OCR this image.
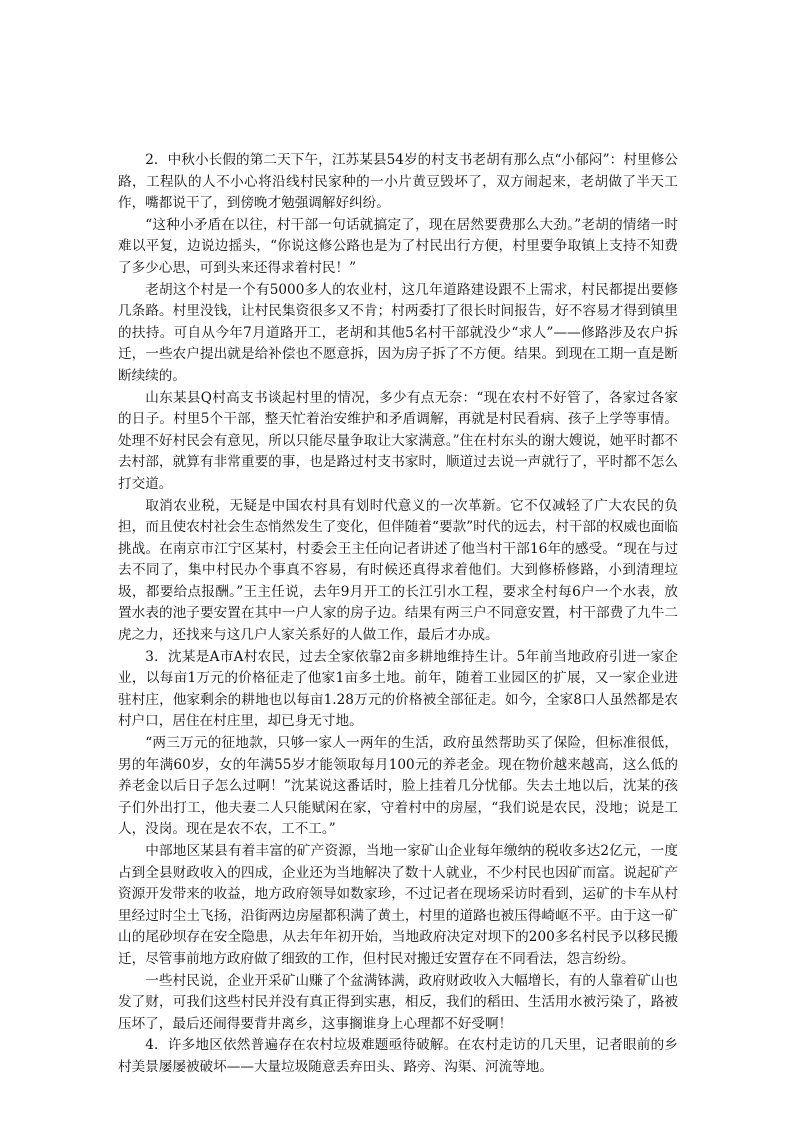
2．中秋小长假的第二天下午，江苏某县54岁的村支书老胡有那么点“小郁闷”：村里修公路，工程队的人不小心将沿线村民家种的一小片黄豆毁坏了，双方闹起来，老胡做了半天工作，嘴都说干了，到傍晚才勉强调解好纠纷。

“这种小矛盾在以往，村干部一句话就搞定了，现在居然要费那么大劲。”老胡的情绪一时难以平复，边说边摇头，“你说这修公路也是为了村民出行方便，村里要争取镇上支持不知费了多少心思，可到头来还得求着村民！”

老胡这个村是一个有5000多人的农业村，这几年道路建设跟不上需求，村民都提出要修几条路。村里没钱，让村民集资很多又不肯；村两委打了很长时间报告，好不容易才得到镇里的扶持。可自从今年7月道路开工，老胡和其他5名村干部就没少“求人”——修路涉及农户拆迁，一些农户提出就是给补偿也不愿意拆，因为房子拆了不方便。结果。到现在工期一直是断断续续的。

山东某县Q村高支书谈起村里的情况，多少有点无奈：“现在农村不好管了，各家过各家的日子。村里5个干部，整天忙着治安维护和矛盾调解，再就是村民看病、孩子上学等事情。处理不好村民会有意见，所以只能尽量争取让大家满意。”住在村东头的谢大嫂说，她平时都不去村部，就算有非常重要的事，也是路过村支书家时，顺道过去说一声就行了，平时都不怎么打交道。

取消农业税，无疑是中国农村具有划时代意义的一次革新。它不仅减轻了广大农民的负担，而且使农村社会生态悄然发生了变化，但伴随着“要款”时代的远去，村干部的权威也面临挑战。在南京市江宁区某村，村委会王主任向记者讲述了他当村干部16年的感受。“现在与过去不同了，集中村民办个事真不容易，有时候还真得求着他们。大到修桥修路，小到清理垃圾，都要给点报酬。”王主任说，去年9月开工的长江引水工程，要求全村每6户一个水表，放置水表的池子要安置在其中一户人家的房子边。结果有两三户不同意安置，村干部费了九牛二虎之力，还找来与这几户人家关系好的人做工作，最后才办成。

3．沈某是A市A村农民，过去全家依靠2亩多耕地维持生计。5年前当地政府引进一家企业，以每亩1万元的价格征走了他家1亩多土地。前年，随着工业园区的扩展，又一家企业进驻村庄，他家剩余的耕地也以每亩1.28万元的价格被全部征走。如今，全家8口人虽然都是农村户口，居住在村庄里，却已身无寸地。

“两三万元的征地款，只够一家人一两年的生活，政府虽然帮助买了保险，但标准很低，男的年满60岁，女的年满55岁才能领取每月100元的养老金。现在物价越来越高，这么低的养老金以后日子怎么过啊！”沈某说这番话时，脸上挂着几分忧郁。失去土地以后，沈某的孩子们外出打工，他夫妻二人只能赋闲在家，守着村中的房屋，“我们说是农民，没地；说是工人，没岗。现在是农不农，工不工。”

中部地区某县有着丰富的矿产资源，当地一家矿山企业每年缴纳的税收多达2亿元，一度占到全县财政收入的四成，企业还为当地解决了数十人就业，不少村民也因矿而富。说起矿产资源开发带来的收益，地方政府领导如数家珍，不过记者在现场采访时看到，运矿的卡车从村里经过时尘土飞扬，沿街两边房屋都积满了黄土，村里的道路也被压得崎岖不平。由于这一矿山的尾砂坝存在安全隐患，从去年年初开始，当地政府决定对坝下的200多名村民予以移民搬迁，尽管事前地方政府做了细致的工作，但村民对搬迁安置存在不同看法，怨言纷纷。

一些村民说，企业开采矿山赚了个盆满钵满，政府财政收入大幅增长，有的人靠着矿山也发了财，可我们这些村民并没有真正得到实惠，相反，我们的稻田、生活用水被污染了，路被压坏了，最后还闹得要背井离乡，这事搁谁身上心理都不好受啊！

4．许多地区依然普遍存在农村垃圾难题亟待破解。在农村走访的几天里，记者眼前的乡村美景屡屡被破坏——大量垃圾随意丢弃田头、路旁、沟渠、河流等地。
